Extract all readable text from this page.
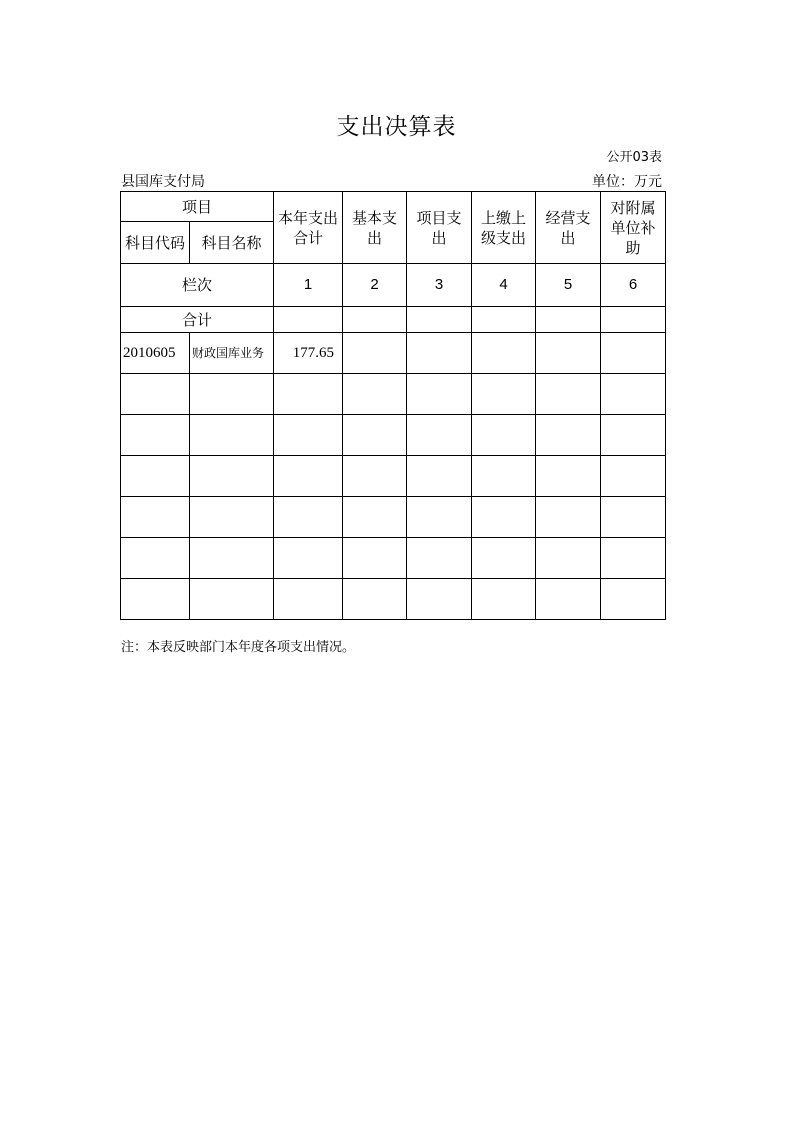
支出决算表
公开03表
县国库支付局	单位：万元
项目		本年支出合计	基本支出	项目支出	上缴上级支出	经营支出	对附属单位补助
科目代码	科目名称						
栏次		1	2	3	4	5	6
合计							
2010605	财政国库业务	177.65					

注：本表反映部门本年度各项支出情况。
